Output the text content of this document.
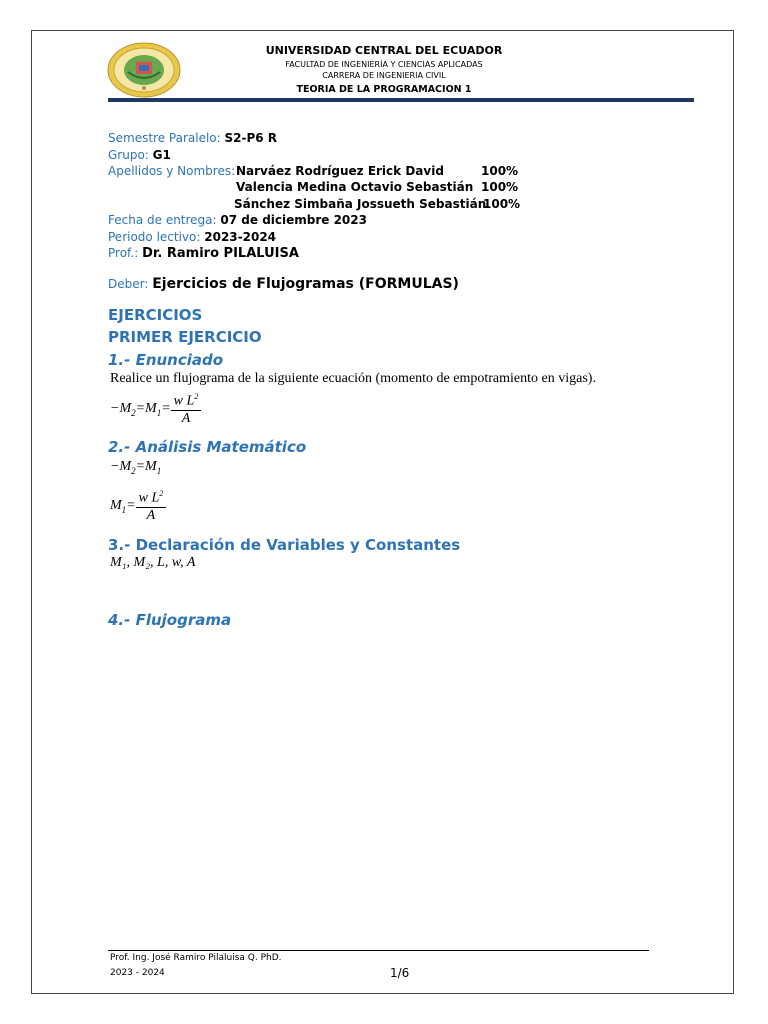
UNIVERSIDAD CENTRAL DEL ECUADOR
FACULTAD DE INGENIERÍA Y CIENCIAS APLICADAS
CARRERA DE INGENIERIA CIVIL
TEORIA DE LA PROGRAMACION 1
Semestre Paralelo: S2-P6 R
Grupo: G1
Apellidos y Nombres: Narváez Rodríguez Erick David	100%
Valencia Medina Octavio Sebastián 100%
Sánchez Simbaña Jossueth Sebastián
100%
Fecha de entrega: 07 de diciembre 2023
Periodo lectivo: 2023-2024
Prof.: Dr. Ramiro PILALUISA
Deber: Ejercicios de Flujogramas (FORMULAS)
EJERCICIOS
PRIMER EJERCICIO
1.- Enunciado
Realice un flujograma de la siguiente ecuación (momento de empotramiento en vigas).
$-M_2=M_1= \frac{w L^2}{A}$
2.- Análisis Matemático
$-M_2=M_1$
$M_1= \frac{w L^2}{A}$
3.- Declaración de Variables y Constantes
M₁, M₂, L, w, A
4.- Flujograma
Prof. Ing. José Ramiro Pilaluisa Q. PhD.
2023 - 2024	1/6
